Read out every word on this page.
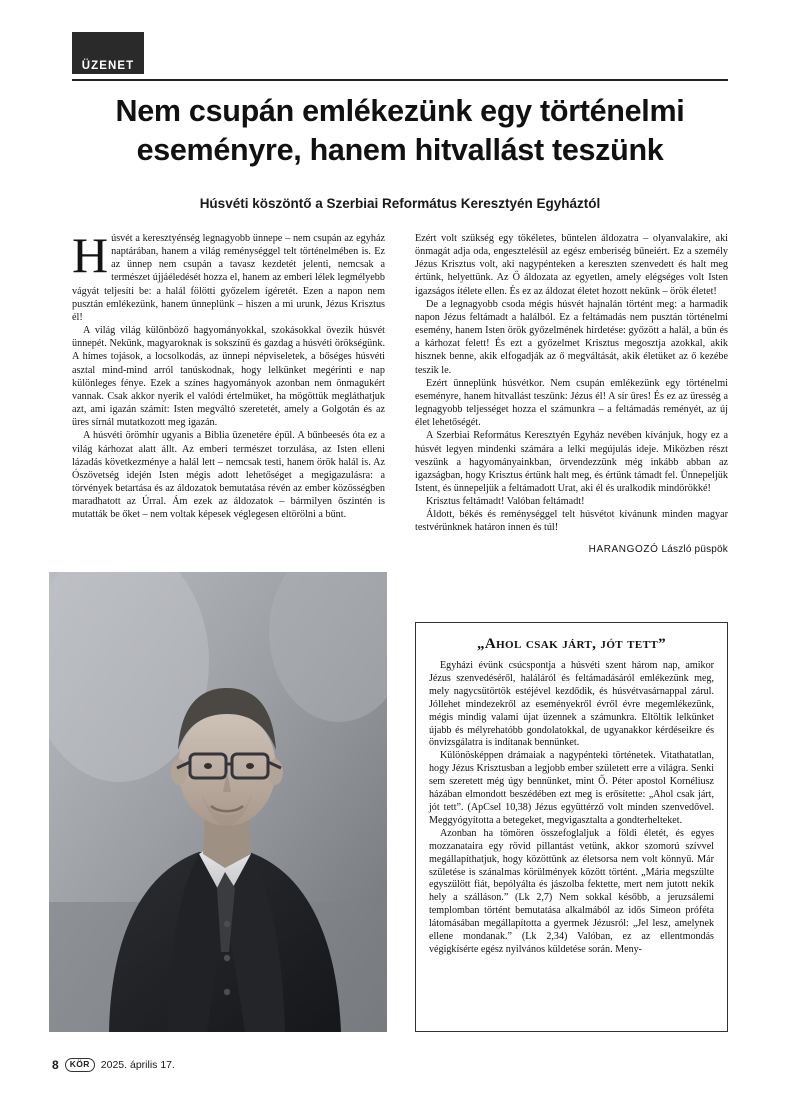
ÜZENET
Nem csupán emlékezünk egy történelmi eseményre, hanem hitvallást teszünk
Húsvéti köszöntő a Szerbiai Református Keresztyén Egyháztól

Húsvét a keresztyénség legnagyobb ünnepe – nem csupán az egyház naptárában, hanem a világ reménységgel telt történelmében is. Ez az ünnep nem csupán a tavasz kezdetét jelenti, nemcsak a természet újjáéledését hozza el, hanem az emberi lélek legmélyebb vágyát teljesíti be: a halál fölötti győzelem ígéretét. Ezen a napon nem pusztán emlékezünk, hanem ünneplünk – hiszen a mi urunk, Jézus Krisztus él!

A világ világ különböző hagyományokkal, szokásokkal övezik húsvét ünnepét. Nekünk, magyaroknak is sokszínű és gazdag a húsvéti örökségünk. A hímes tojások, a locsolkodás, az ünnepi népviseletek, a bőséges húsvéti asztal mind-mind arról tanúskodnak, hogy lelkünket megérinti e nap különleges fénye. Ezek a színes hagyományok azonban nem önmagukért vannak. Csak akkor nyerik el valódi értelmüket, ha mögöttük megláthatjuk azt, ami igazán számít: Isten megváltó szeretetét, amely a Golgotán és az üres sírnál mutatkozott meg igazán.

A húsvéti örömhír ugyanis a Biblia üzenetére épül. A bűnbeesés óta ez a világ kárhozat alatt állt. Az emberi természet torzulása, az Isten elleni lázadás következménye a halál lett – nemcsak testi, hanem örök halál is. Az Ószövetség idején Isten mégis adott lehetőséget a megigazulásra: a törvények betartása és az áldozatok bemutatása révén az ember közösségben maradhatott az Úrral. Ám ezek az áldozatok – bármilyen őszintén is mutatták be őket – nem voltak képesek véglegesen eltörölni a bűnt.

Ezért volt szükség egy tökéletes, bűntelen áldozatra – olyanvalakire, aki önmagát adja oda, engesztelésül az egész emberiség bűneiért. Ez a személy Jézus Krisztus volt, aki nagypénteken a kereszten szenvedett és halt meg értünk, helyettünk. Az Ő áldozata az egyetlen, amely elégséges volt Isten igazságos ítélete ellen. És ez az áldozat életet hozott nekünk – örök életet!

De a legnagyobb csoda mégis húsvét hajnalán történt meg: a harmadik napon Jézus feltámadt a halálból. Ez a feltámadás nem pusztán történelmi esemény, hanem Isten örök győzelmének hirdetése: győzött a halál, a bűn és a kárhozat felett! És ezt a győzelmet Krisztus megosztja azokkal, akik hisznek benne, akik elfogadják az ő megváltását, akik életüket az ő kezébe teszik le.

Ezért ünneplünk húsvétkor. Nem csupán emlékezünk egy történelmi eseményre, hanem hitvallást teszünk: Jézus él! A sír üres! És ez az üresség a legnagyobb teljességet hozza el számunkra – a feltámadás reményét, az új élet lehetőségét.

A Szerbiai Református Keresztyén Egyház nevében kívánjuk, hogy ez a húsvét legyen mindenki számára a lelki megújulás ideje. Miközben részt veszünk a hagyományainkban, örvendezzünk még inkább abban az igazságban, hogy Krisztus értünk halt meg, és értünk támadt fel. Ünnepeljük Istent, és ünnepeljük a feltámadott Urat, aki él és uralkodik mindörökké!

Krisztus feltámadt! Valóban feltámadt!

Áldott, békés és reménységgel telt húsvétot kívánunk minden magyar testvérünknek határon innen és túl!

HARANGOZÓ László püspök
„Ahol csak járt, jót tett”

Egyházi évünk csúcspontja a húsvéti szent három nap, amikor Jézus szenvedéséről, haláláról és feltámadásáról emlékezünk meg, mely nagycsütörtök estéjével kezdődik, és húsvétvasárnappal zárul. Jóllehet mindezekről az eseményekről évről évre megemlékezünk, mégis mindig valami újat üzennek a számunkra. Eltöltik lelkünket újabb és mélyrehatóbb gondolatokkal, de ugyanakkor kérdéseikre és önvizsgálatra is indítanak bennünket.

Különösképpen drámaiak a nagypénteki történetek. Vitathatatlan, hogy Jézus Krisztusban a legjobb ember született erre a világra. Senki sem szeretett még úgy bennünket, mint Ő. Péter apostol Kornéliusz házában elmondott beszédében ezt meg is erősítette: „Ahol csak járt, jót tett”. (ApCsel 10,38) Jézus együttérző volt minden szenvedővel. Meggyógyította a betegeket, megvigasztalta a gondterhelteket.

Azonban ha tömören összefoglaljuk a földi életét, és egyes mozzanataira egy rövid pillantást vetünk, akkor szomorú szívvel megállapíthatjuk, hogy közöttünk az életsorsa nem volt könnyű. Már születése is szánalmas körülmények között történt. „Mária megszülte egyszülött fiát, bepólyálta és jászolba fektette, mert nem jutott nekik hely a szálláson.” (Lk 2,7) Nem sokkal később, a jeruzsálemi templomban történt bemutatása alkalmából az idős Simeon próféta látomásában megállapította a gyermek Jézusról: „Jel lesz, amelynek ellene mondanak.” (Lk 2,34) Valóban, ez az ellentmondás végigkísérte egész nyilvános küldetése során. Meny-

8	KÖR	2025. április 17.
